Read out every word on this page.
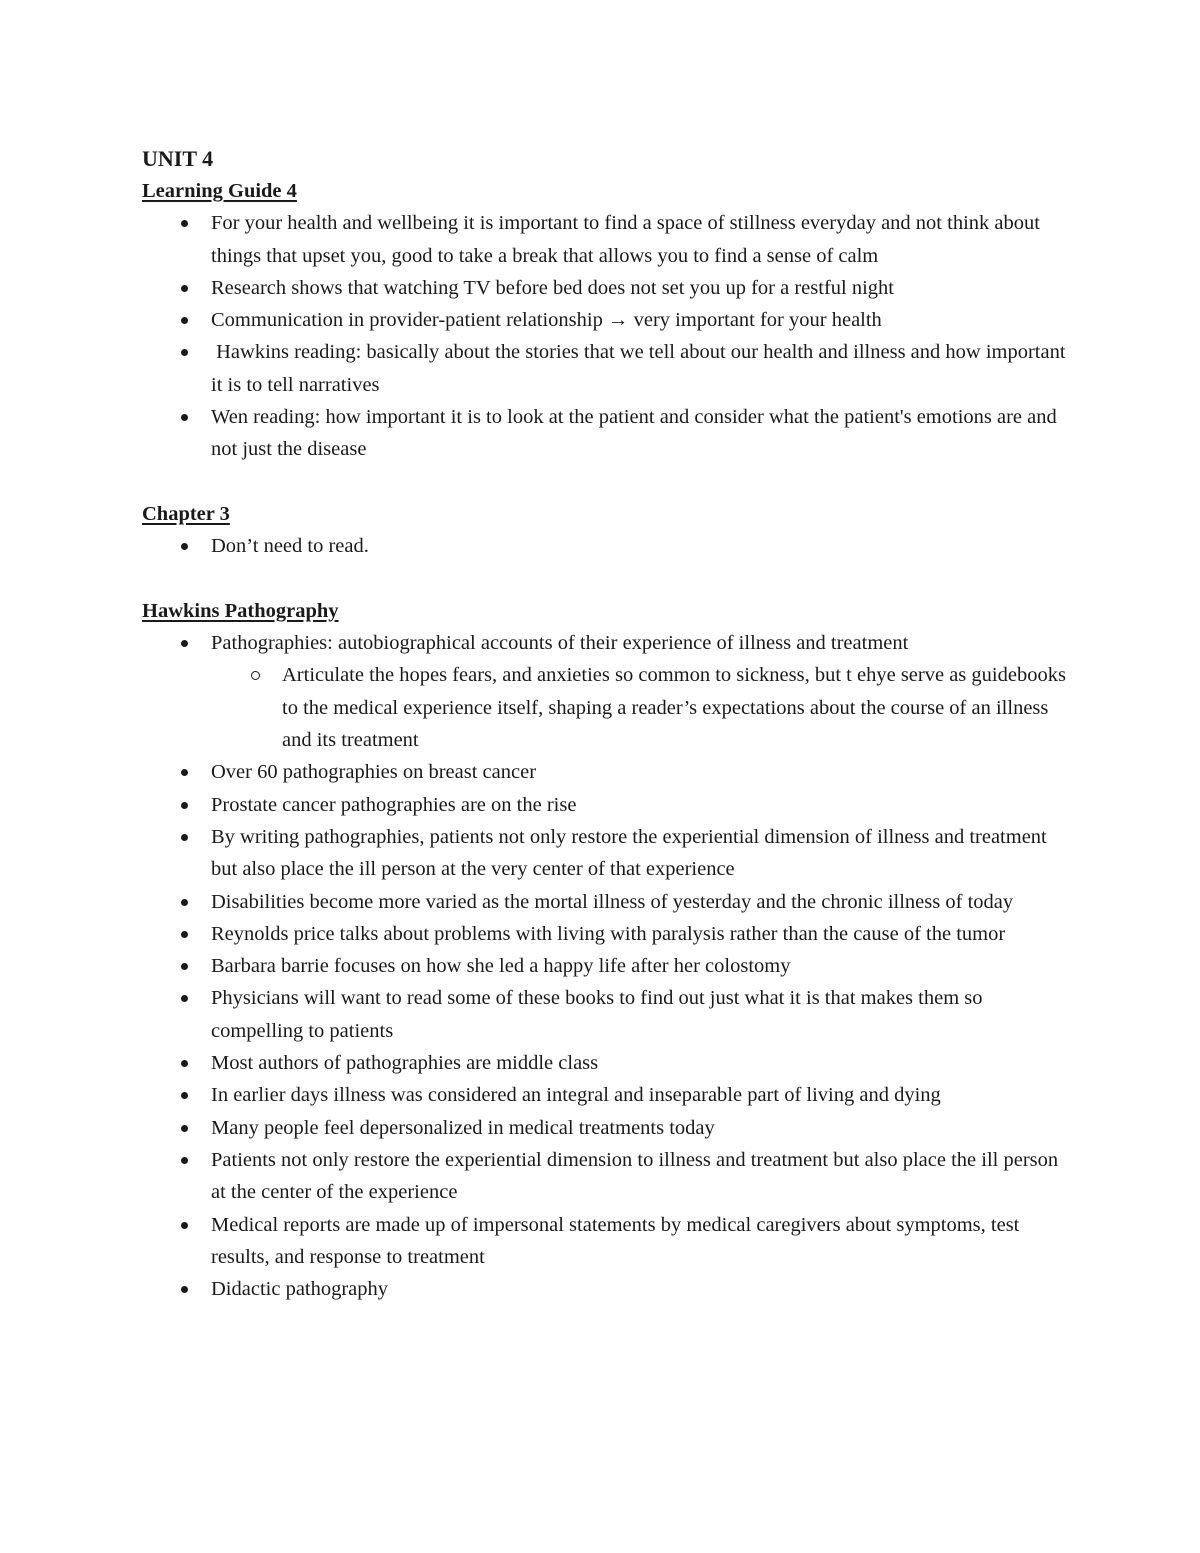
UNIT 4
Learning Guide 4
For your health and wellbeing it is important to find a space of stillness everyday and not think about things that upset you, good to take a break that allows you to find a sense of calm
Research shows that watching TV before bed does not set you up for a restful night
Communication in provider-patient relationship → very important for your health
Hawkins reading: basically about the stories that we tell about our health and illness and how important it is to tell narratives
Wen reading: how important it is to look at the patient and consider what the patient's emotions are and not just the disease
Chapter 3
Don’t need to read.
Hawkins Pathography
Pathographies: autobiographical accounts of their experience of illness and treatment
Articulate the hopes fears, and anxieties so common to sickness, but t ehye serve as guidebooks to the medical experience itself, shaping a reader’s expectations about the course of an illness and its treatment
Over 60 pathographies on breast cancer
Prostate cancer pathographies are on the rise
By writing pathographies, patients not only restore the experiential dimension of illness and treatment but also place the ill person at the very center of that experience
Disabilities become more varied as the mortal illness of yesterday and the chronic illness of today
Reynolds price talks about problems with living with paralysis rather than the cause of the tumor
Barbara barrie focuses on how she led a happy life after her colostomy
Physicians will want to read some of these books to find out just what it is that makes them so compelling to patients
Most authors of pathographies are middle class
In earlier days illness was considered an integral and inseparable part of living and dying
Many people feel depersonalized in medical treatments today
Patients not only restore the experiential dimension to illness and treatment but also place the ill person at the center of the experience
Medical reports are made up of impersonal statements by medical caregivers about symptoms, test results, and response to treatment
Didactic pathography
